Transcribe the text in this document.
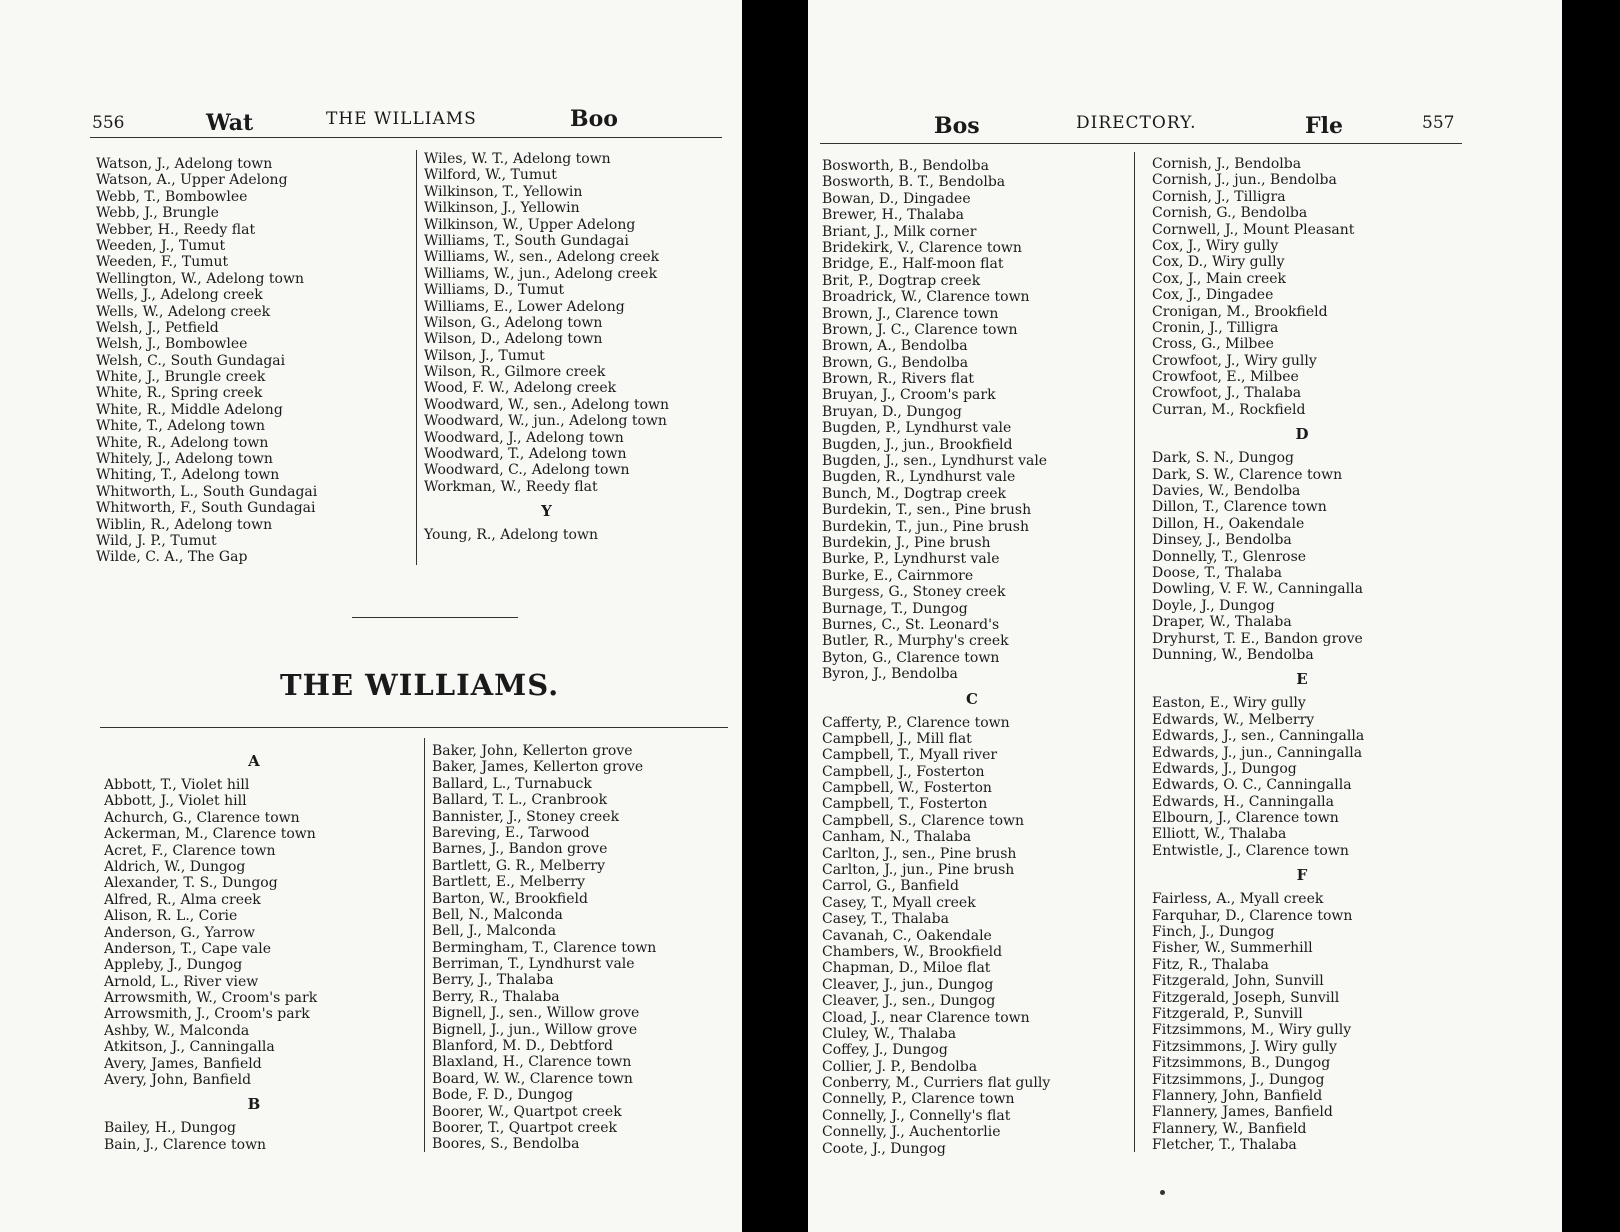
556	Wat	THE WILLIAMS	Boo
Watson, J., Adelong town
Watson, A., Upper Adelong
Webb, T., Bombowlee
Webb, J., Brungle
Webber, H., Reedy flat
Weeden, J., Tumut
Weeden, F., Tumut
Wellington, W., Adelong town
Wells, J., Adelong creek
Wells, W., Adelong creek
Welsh, J., Petfield
Welsh, J., Bombowlee
Welsh, C., South Gundagai
White, J., Brungle creek
White, R., Spring creek
White, R., Middle Adelong
White, T., Adelong town
White, R., Adelong town
Whitely, J., Adelong town
Whiting, T., Adelong town
Whitworth, L., South Gundagai
Whitworth, F., South Gundagai
Wiblin, R., Adelong town
Wild, J. P., Tumut
Wilde, C. A., The Gap
Wiles, W. T., Adelong town
Wilford, W., Tumut
Wilkinson, T., Yellowin
Wilkinson, J., Yellowin
Wilkinson, W., Upper Adelong
Williams, T., South Gundagai
Williams, W., sen., Adelong creek
Williams, W., jun., Adelong creek
Williams, D., Tumut
Williams, E., Lower Adelong
Wilson, G., Adelong town
Wilson, D., Adelong town
Wilson, J., Tumut
Wilson, R., Gilmore creek
Wood, F. W., Adelong creek
Woodward, W., sen., Adelong town
Woodward, W., jun., Adelong town
Woodward, J., Adelong town
Woodward, T., Adelong town
Woodward, C., Adelong town
Workman, W., Reedy flat
Y
Young, R., Adelong town
THE WILLIAMS.
A
Abbott, T., Violet hill
Abbott, J., Violet hill
Achurch, G., Clarence town
Ackerman, M., Clarence town
Acret, F., Clarence town
Aldrich, W., Dungog
Alexander, T. S., Dungog
Alfred, R., Alma creek
Alison, R. L., Corie
Anderson, G., Yarrow
Anderson, T., Cape vale
Appleby, J., Dungog
Arnold, L., River view
Arrowsmith, W., Croom's park
Arrowsmith, J., Croom's park
Ashby, W., Malconda
Atkitson, J., Canningalla
Avery, James, Banfield
Avery, John, Banfield
B
Bailey, H., Dungog
Bain, J., Clarence town
Baker, John, Kellerton grove
Baker, James, Kellerton grove
Ballard, L., Turnabuck
Ballard, T. L., Cranbrook
Bannister, J., Stoney creek
Bareving, E., Tarwood
Barnes, J., Bandon grove
Bartlett, G. R., Melberry
Bartlett, E., Melberry
Barton, W., Brookfield
Bell, N., Malconda
Bell, J., Malconda
Bermingham, T., Clarence town
Berriman, T., Lyndhurst vale
Berry, J., Thalaba
Berry, R., Thalaba
Bignell, J., sen., Willow grove
Bignell, J., jun., Willow grove
Blanford, M. D., Debtford
Blaxland, H., Clarence town
Board, W. W., Clarence town
Bode, F. D., Dungog
Boorer, W., Quartpot creek
Boorer, T., Quartpot creek
Boores, S., Bendolba
Bos	DIRECTORY.	Fle	557
Bosworth, B., Bendolba
Bosworth, B. T., Bendolba
Bowan, D., Dingadee
Brewer, H., Thalaba
Briant, J., Milk corner
Bridekirk, V., Clarence town
Bridge, E., Half-moon flat
Brit, P., Dogtrap creek
Broadrick, W., Clarence town
Brown, J., Clarence town
Brown, J. C., Clarence town
Brown, A., Bendolba
Brown, G., Bendolba
Brown, R., Rivers flat
Bruyan, J., Croom's park
Bruyan, D., Dungog
Bugden, P., Lyndhurst vale
Bugden, J., jun., Brookfield
Bugden, J., sen., Lyndhurst vale
Bugden, R., Lyndhurst vale
Bunch, M., Dogtrap creek
Burdekin, T., sen., Pine brush
Burdekin, T., jun., Pine brush
Burdekin, J., Pine brush
Burke, P., Lyndhurst vale
Burke, E., Cairnmore
Burgess, G., Stoney creek
Burnage, T., Dungog
Burnes, C., St. Leonard's
Butler, R., Murphy's creek
Byton, G., Clarence town
Byron, J., Bendolba
C
Cafferty, P., Clarence town
Campbell, J., Mill flat
Campbell, T., Myall river
Campbell, J., Fosterton
Campbell, W., Fosterton
Campbell, T., Fosterton
Campbell, S., Clarence town
Canham, N., Thalaba
Carlton, J., sen., Pine brush
Carlton, J., jun., Pine brush
Carrol, G., Banfield
Casey, T., Myall creek
Casey, T., Thalaba
Cavanah, C., Oakendale
Chambers, W., Brookfield
Chapman, D., Miloe flat
Cleaver, J., jun., Dungog
Cleaver, J., sen., Dungog
Cload, J., near Clarence town
Cluley, W., Thalaba
Coffey, J., Dungog
Collier, J. P., Bendolba
Conberry, M., Curriers flat gully
Connelly, P., Clarence town
Connelly, J., Connelly's flat
Connelly, J., Auchentorlie
Coote, J., Dungog
Cornish, J., Bendolba
Cornish, J., jun., Bendolba
Cornish, J., Tilligra
Cornish, G., Bendolba
Cornwell, J., Mount Pleasant
Cox, J., Wiry gully
Cox, D., Wiry gully
Cox, J., Main creek
Cox, J., Dingadee
Cronigan, M., Brookfield
Cronin, J., Tilligra
Cross, G., Milbee
Crowfoot, J., Wiry gully
Crowfoot, E., Milbee
Crowfoot, J., Thalaba
Curran, M., Rockfield
D
Dark, S. N., Dungog
Dark, S. W., Clarence town
Davies, W., Bendolba
Dillon, T., Clarence town
Dillon, H., Oakendale
Dinsey, J., Bendolba
Donnelly, T., Glenrose
Doose, T., Thalaba
Dowling, V. F. W., Canningalla
Doyle, J., Dungog
Draper, W., Thalaba
Dryhurst, T. E., Bandon grove
Dunning, W., Bendolba
E
Easton, E., Wiry gully
Edwards, W., Melberry
Edwards, J., sen., Canningalla
Edwards, J., jun., Canningalla
Edwards, J., Dungog
Edwards, O. C., Canningalla
Edwards, H., Canningalla
Elbourn, J., Clarence town
Elliott, W., Thalaba
Entwistle, J., Clarence town
F
Fairless, A., Myall creek
Farquhar, D., Clarence town
Finch, J., Dungog
Fisher, W., Summerhill
Fitz, R., Thalaba
Fitzgerald, John, Sunvill
Fitzgerald, Joseph, Sunvill
Fitzgerald, P., Sunvill
Fitzsimmons, M., Wiry gully
Fitzsimmons, J. Wiry gully
Fitzsimmons, B., Dungog
Fitzsimmons, J., Dungog
Flannery, John, Banfield
Flannery, James, Banfield
Flannery, W., Banfield
Fletcher, T., Thalaba
